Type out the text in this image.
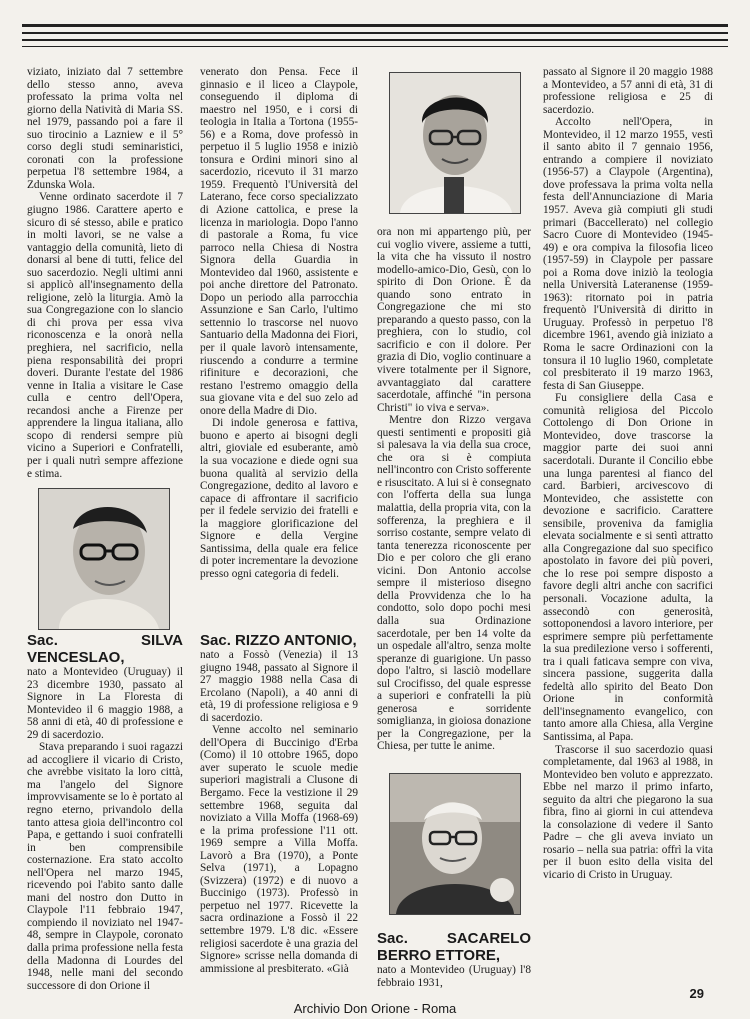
viziato, iniziato dal 7 settembre dello stesso anno, aveva professato la prima volta nel giorno della Natività di Maria SS. nel 1979, passando poi a fare il suo tirocinio a Lazniew e il 5° corso degli studi seminaristici, coronati con la professione perpetua l'8 settembre 1984, a Zdunska Wola.

Venne ordinato sacerdote il 7 giugno 1986. Carattere aperto e sicuro di sé stesso, abile e pratico in molti lavori, se ne valse a vantaggio della comunità, lieto di donarsi al bene di tutti, felice del suo sacerdozio. Negli ultimi anni si applicò all'insegnamento della religione, zelò la liturgia. Amò la sua Congregazione con lo slancio di chi prova per essa viva riconoscenza e la onorà nella preghiera, nel sacrificio, nella piena responsabilità dei propri doveri. Durante l'estate del 1986 venne in Italia a visitare le Case culla e centro dell'Opera, recandosi anche a Firenze per apprendere la lingua italiana, allo scopo di rendersi sempre più vicino a Superiori e Confratelli, per i quali nutrì sempre affezione e stima.

Sac. SILVA VENCESLAO,

nato a Montevideo (Uruguay) il 23 dicembre 1930, passato al Signore in La Floresta di Montevideo il 6 maggio 1988, a 58 anni di età, 40 di professione e 29 di sacerdozio.

Stava preparando i suoi ragazzi ad accogliere il vicario di Cristo, che avrebbe visitato la loro città, ma l'angelo del Signore improvvisamente se lo è portato al regno eterno, privandolo della tanto attesa gioia dell'incontro col Papa, e gettando i suoi confratelli in ben comprensibile costernazione. Era stato accolto nell'Opera nel marzo 1945, ricevendo poi l'abito santo dalle mani del nostro don Dutto in Claypole l'11 febbraio 1947, compiendo il noviziato nel 1947-48, sempre in Claypole, coronato dalla prima professione nella festa della Madonna di Lourdes del 1948, nelle mani del secondo successore di don Orione il

venerato don Pensa. Fece il ginnasio e il liceo a Claypole, conseguendo il diploma di maestro nel 1950, e i corsi di teologia in Italia a Tortona (1955-56) e a Roma, dove professò in perpetuo il 5 luglio 1958 e iniziò tonsura e Ordini minori sino al sacerdozio, ricevuto il 31 marzo 1959. Frequentò l'Università del Laterano, fece corso specializzato di Azione cattolica, e prese la licenza in mariologia. Dopo l'anno di pastorale a Roma, fu vice parroco nella Chiesa di Nostra Signora della Guardia in Montevideo dal 1960, assistente e poi anche direttore del Patronato. Dopo un periodo alla parrocchia Assunzione e San Carlo, l'ultimo settennio lo trascorse nel nuovo Santuario della Madonna dei Fiori, per il quale lavorò intensamente, riuscendo a condurre a termine rifiniture e decorazioni, che restano l'estremo omaggio della sua giovane vita e del suo zelo ad onore della Madre di Dio.

Di indole generosa e fattiva, buono e aperto ai bisogni degli altri, gioviale ed esuberante, amò la sua vocazione e diede ogni sua buona qualità al servizio della Congregazione, dedito al lavoro e capace di affrontare il sacrificio per il fedele servizio dei fratelli e la maggiore glorificazione del Signore e della Vergine Santissima, della quale era felice di poter incrementare la devozione presso ogni categoria di fedeli.

Sac. RIZZO ANTONIO,

nato a Fossò (Venezia) il 13 giugno 1948, passato al Signore il 27 maggio 1988 nella Casa di Ercolano (Napoli), a 40 anni di età, 19 di professione religiosa e 9 di sacerdozio.

Venne accolto nel seminario dell'Opera di Buccinigo d'Erba (Como) il 10 ottobre 1965, dopo aver superato le scuole medie superiori magistrali a Clusone di Bergamo. Fece la vestizione il 29 settembre 1968, seguita dal noviziato a Villa Moffa (1968-69) e la prima professione l'11 ott. 1969 sempre a Villa Moffa. Lavorò a Bra (1970), a Ponte Selva (1971), a Lopagno (Svizzera) (1972) e di nuovo a Buccinigo (1973). Professò in perpetuo nel 1977. Ricevette la sacra ordinazione a Fossò il 22 settembre 1979. L'8 dic. «Essere religiosi sacerdote è una grazia del Signore» scrisse nella domanda di ammissione al presbiterato. «Già

ora non mi appartengo più, per cui voglio vivere, assieme a tutti, la vita che ha vissuto il nostro modello-amico-Dio, Gesù, con lo spirito di Don Orione. È da quando sono entrato in Congregazione che mi sto preparando a questo passo, con la preghiera, con lo studio, col sacrificio e con il dolore. Per grazia di Dio, voglio continuare a vivere totalmente per il Signore, avvantaggiato dal carattere sacerdotale, affinché "in persona Christi" io viva e serva».

Mentre don Rizzo vergava questi sentimenti e propositi già si palesava la via della sua croce, che ora si è compiuta nell'incontro con Cristo sofferente e risuscitato. A lui si è consegnato con l'offerta della sua lunga malattia, della propria vita, con la sofferenza, la preghiera e il sorriso costante, sempre velato di tanta tenerezza riconoscente per Dio e per coloro che gli erano vicini. Don Antonio accolse sempre il misterioso disegno della Provvidenza che lo ha condotto, solo dopo pochi mesi dalla sua Ordinazione sacerdotale, per ben 14 volte da un ospedale all'altro, senza molte speranze di guarigione. Un passo dopo l'altro, si lasciò modellare sul Crocifisso, del quale espresse a superiori e confratelli la più generosa e sorridente somiglianza, in gioiosa donazione per la Congregazione, per la Chiesa, per tutte le anime.

Sac. SACARELO BERRO ETTORE,

nato a Montevideo (Uruguay) l'8 febbraio 1931,

passato al Signore il 20 maggio 1988 a Montevideo, a 57 anni di età, 31 di professione religiosa e 25 di sacerdozio.

Accolto nell'Opera, in Montevideo, il 12 marzo 1955, vestì il santo abito il 7 gennaio 1956, entrando a compiere il noviziato (1956-57) a Claypole (Argentina), dove professava la prima volta nella festa dell'Annunciazione di Maria 1957. Aveva già compiuti gli studi primari (Baccellerato) nel collegio Sacro Cuore di Montevideo (1945-49) e ora compiva la filosofia liceo (1957-59) in Claypole per passare poi a Roma dove iniziò la teologia nella Università Lateranense (1959-1963): ritornato poi in patria frequentò l'Università di diritto in Uruguay. Professò in perpetuo l'8 dicembre 1961, avendo già iniziato a Roma le sacre Ordinazioni con la tonsura il 10 luglio 1960, completate col presbiterato il 19 marzo 1963, festa di San Giuseppe.

Fu consigliere della Casa e comunità religiosa del Piccolo Cottolengo di Don Orione in Montevideo, dove trascorse la maggior parte dei suoi anni sacerdotali. Durante il Concilio ebbe una lunga parentesi al fianco del card. Barbieri, arcivescovo di Montevideo, che assistette con devozione e sacrificio. Carattere sensibile, proveniva da famiglia elevata socialmente e si sentì attratto alla Congregazione dal suo specifico apostolato in favore dei più poveri, che lo rese poi sempre disposto a favore degli altri anche con sacrifici personali. Vocazione adulta, la assecondò con generosità, sottoponendosi a lavoro interiore, per esprimere sempre più perfettamente la sua predilezione verso i sofferenti, tra i quali faticava sempre con viva, sincera passione, suggerita dalla fedeltà allo spirito del Beato Don Orione in conformità dell'insegnamento evangelico, con tanto amore alla Chiesa, alla Vergine Santissima, al Papa.

Trascorse il suo sacerdozio quasi completamente, dal 1963 al 1988, in Montevideo ben voluto e apprezzato. Ebbe nel marzo il primo infarto, seguito da altri che piegarono la sua fibra, fino ai giorni in cui attendeva la consolazione di vedere il Santo Padre – che gli aveva inviato un rosario – nella sua patria: offrì la vita per il buon esito della visita del vicario di Cristo in Uruguay.

29
Archivio Don Orione - Roma
